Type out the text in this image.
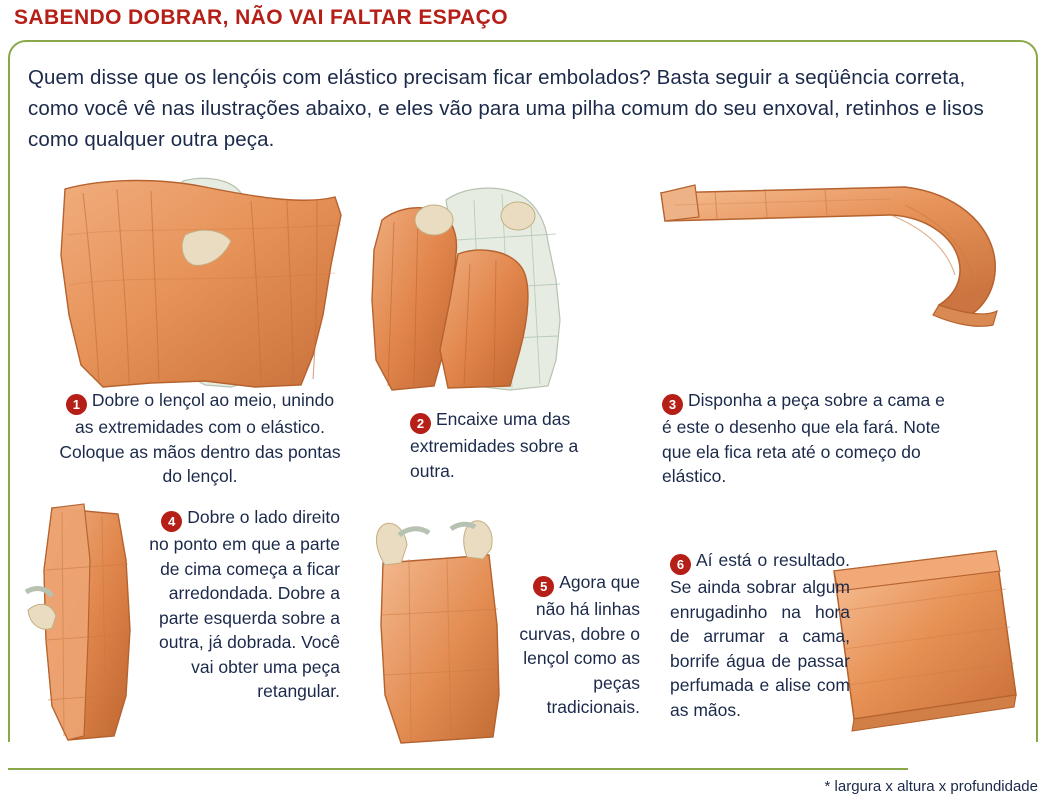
SABENDO DOBRAR, NÃO VAI FALTAR ESPAÇO
Quem disse que os lençóis com elástico precisam ficar embolados? Basta seguir a seqüência correta, como você vê nas ilustrações abaixo, e eles vão para uma pilha comum do seu enxoval, retinhos e lisos como qualquer outra peça.
1 Dobre o lençol ao meio, unindo as extremidades com o elástico. Coloque as mãos dentro das pontas do lençol.
2 Encaixe uma das extremidades sobre a outra.
3 Disponha a peça sobre a cama e é este o desenho que ela fará. Note que ela fica reta até o começo do elástico.
4 Dobre o lado direito no ponto em que a parte de cima começa a ficar arredondada. Dobre a parte esquerda sobre a outra, já dobrada. Você vai obter uma peça retangular.
5 Agora que não há linhas curvas, dobre o lençol como as peças tradicionais.
6 Aí está o resultado. Se ainda sobrar algum enrugadinho na hora de arrumar a cama, borrife água de passar perfumada e alise com as mãos.
* largura x altura x profundidade
